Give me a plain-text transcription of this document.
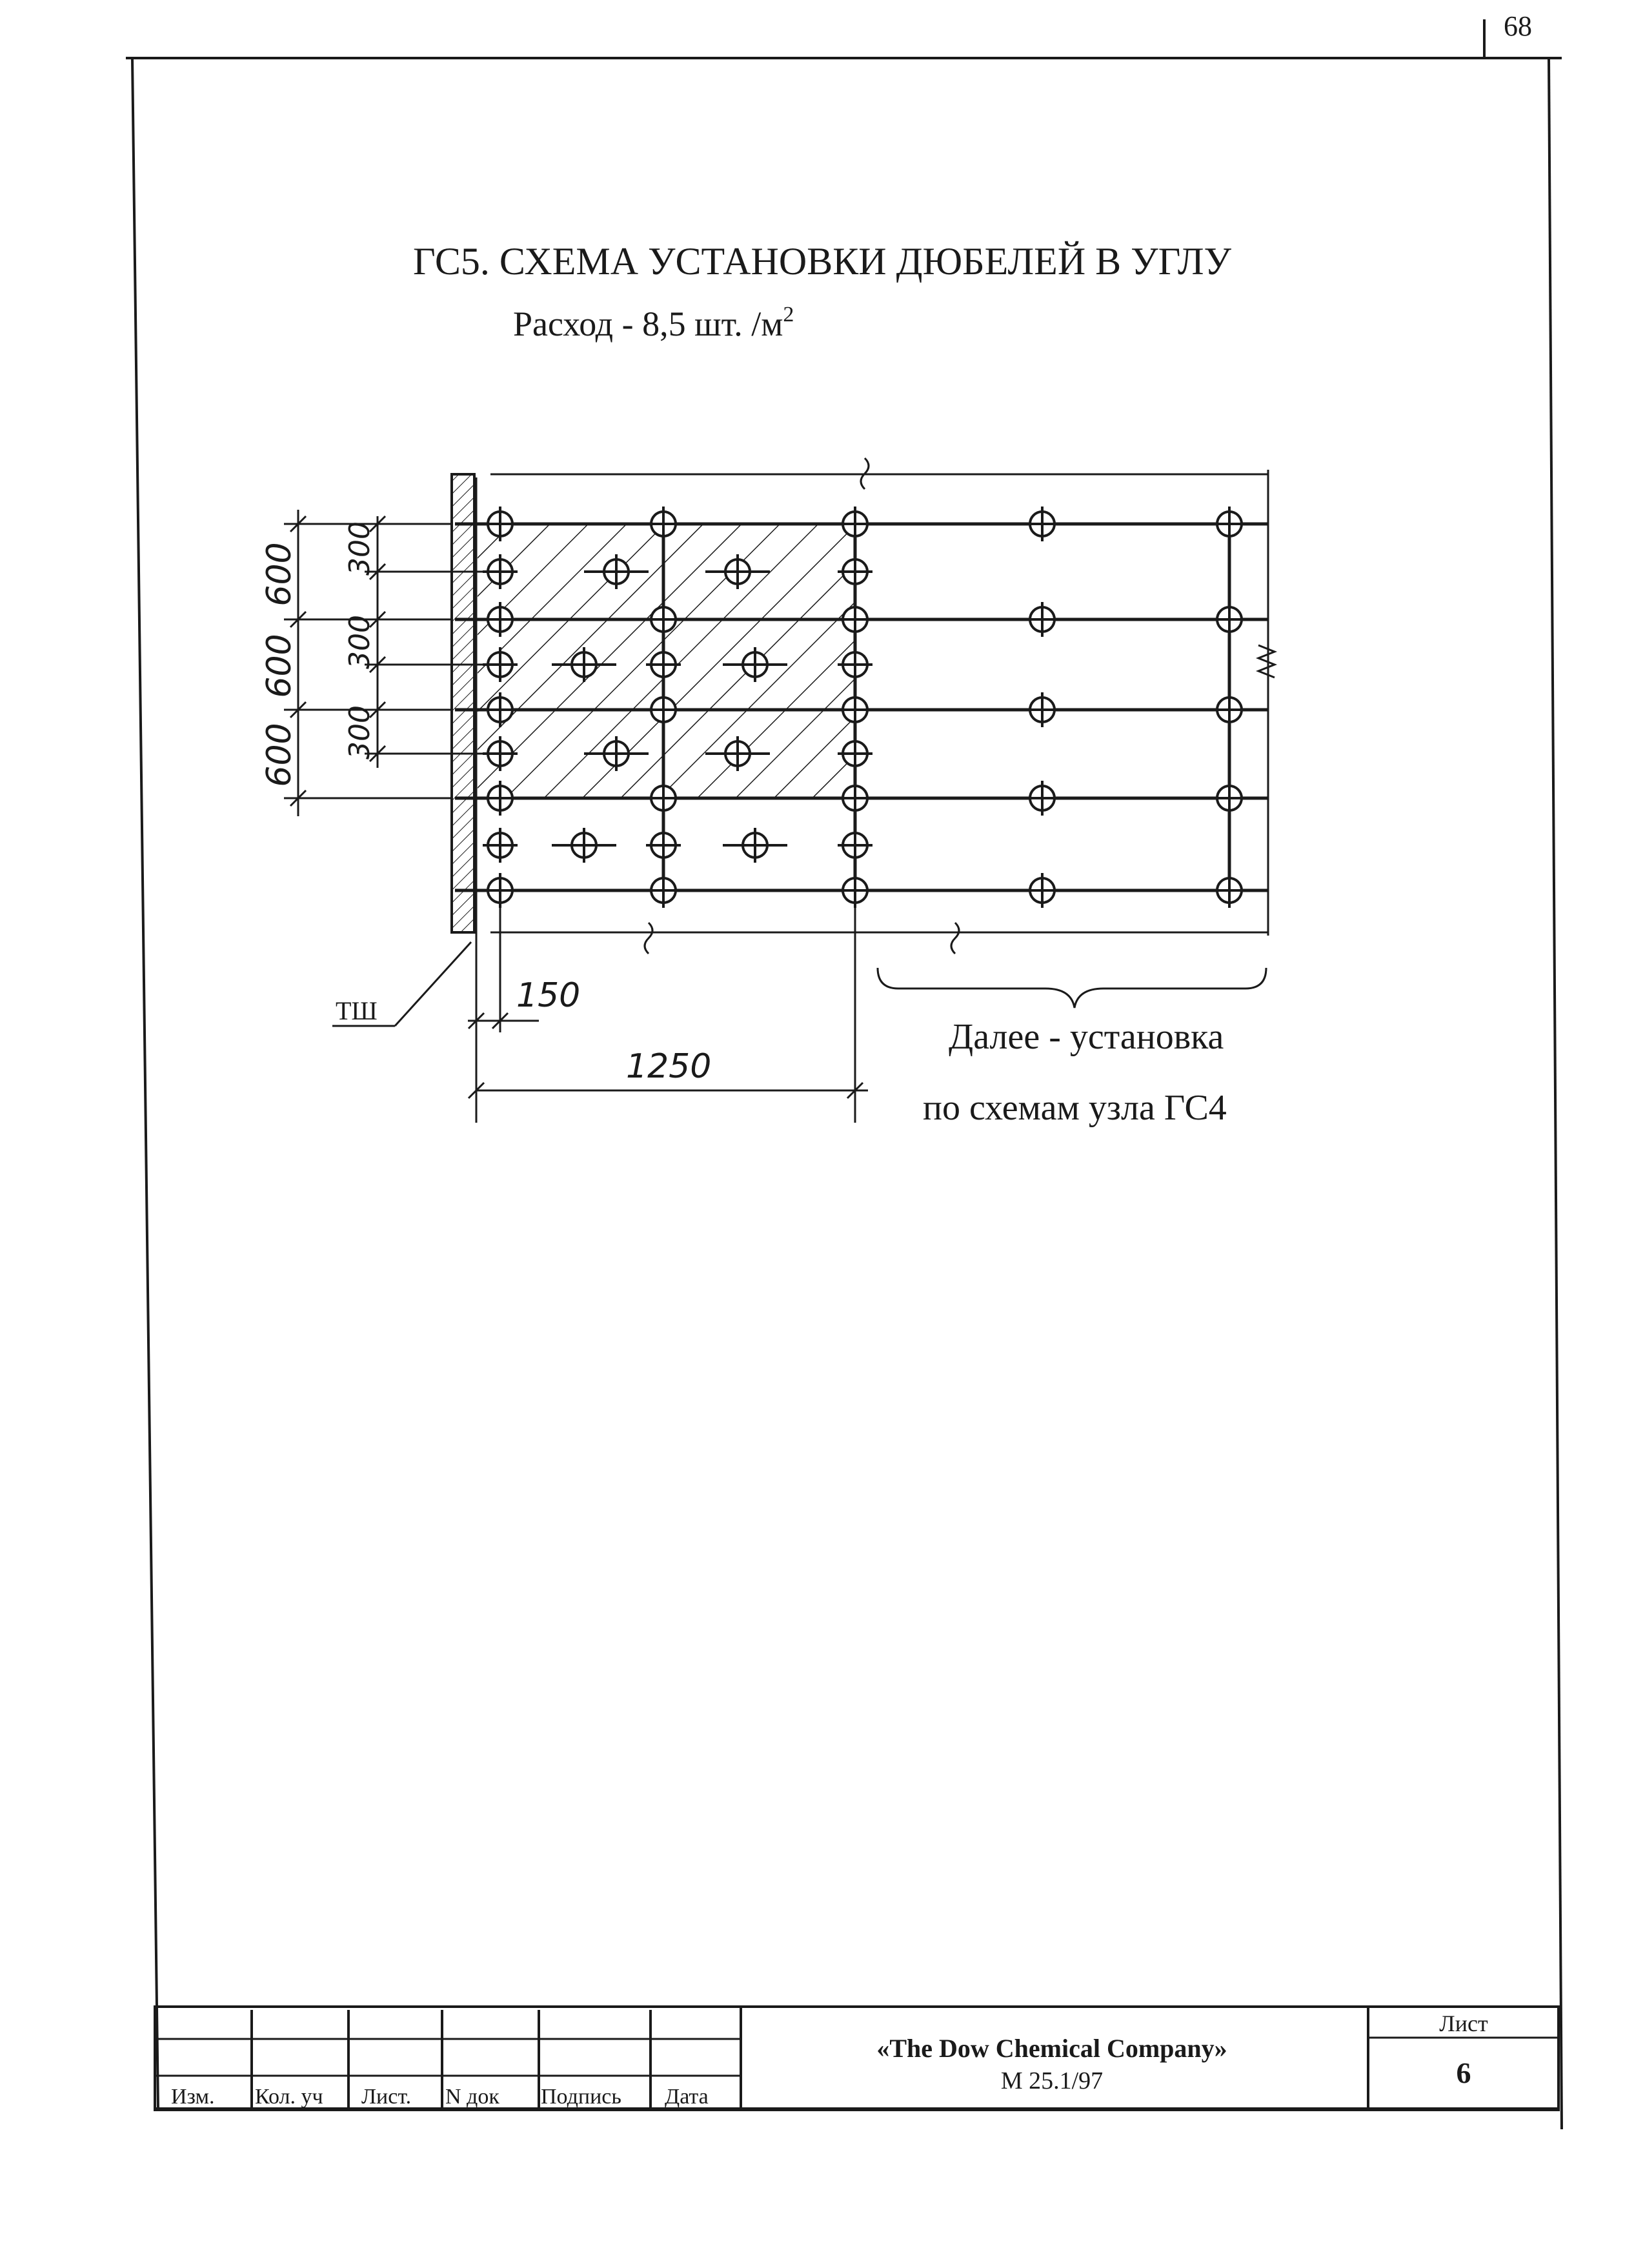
68
ГС5. СХЕМА УСТАНОВКИ ДЮБЕЛЕЙ В УГЛУ
Расход - 8,5 шт. $/м^2$
600
600
600
300
300
300
150
1250
ТШ
Далее - установка
по схемам узла ГС4
Изм. Кол. уч Лист. N док Подпись Дата
«The Dow Chemical Company»
М 25.1/97
Лист
6
